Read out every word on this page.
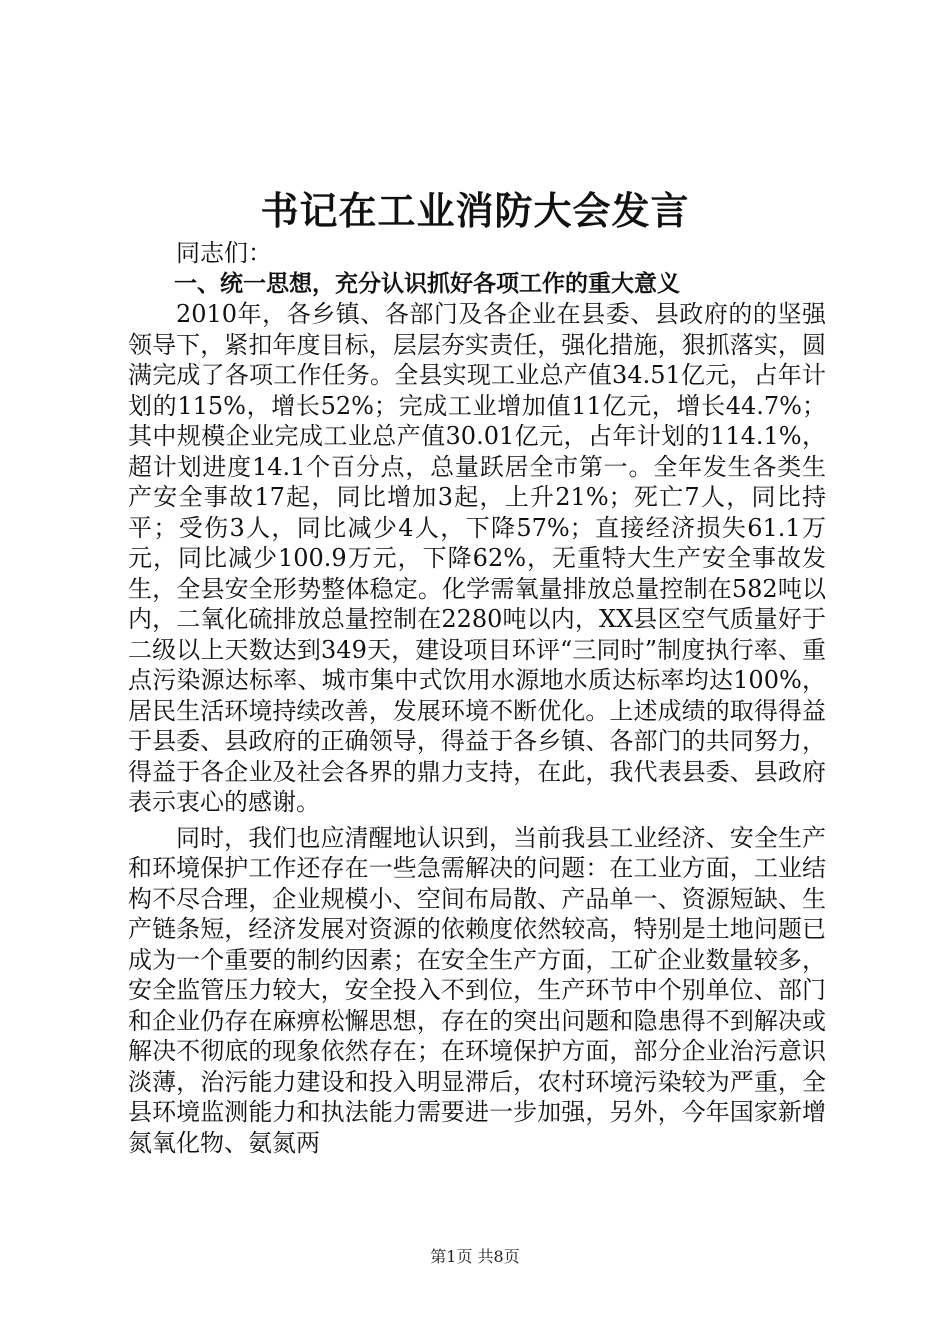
书记在工业消防大会发言

同志们：

一、统一思想，充分认识抓好各项工作的重大意义

2010年，各乡镇、各部门及各企业在县委、县政府的的坚强领导下，紧扣年度目标，层层夯实责任，强化措施，狠抓落实，圆满完成了各项工作任务。全县实现工业总产值34.51亿元，占年计划的115%，增长52%；完成工业增加值11亿元，增长44.7%；其中规模企业完成工业总产值30.01亿元，占年计划的114.1%，超计划进度14.1个百分点，总量跃居全市第一。全年发生各类生产安全事故17起，同比增加3起，上升21%；死亡7人，同比持平；受伤3人，同比减少4人，下降57%；直接经济损失61.1万元，同比减少100.9万元，下降62%，无重特大生产安全事故发生，全县安全形势整体稳定。化学需氧量排放总量控制在582吨以内，二氧化硫排放总量控制在2280吨以内，XX县区空气质量好于二级以上天数达到349天，建设项目环评“三同时”制度执行率、重点污染源达标率、城市集中式饮用水源地水质达标率均达100%，居民生活环境持续改善，发展环境不断优化。上述成绩的取得得益于县委、县政府的正确领导，得益于各乡镇、各部门的共同努力，得益于各企业及社会各界的鼎力支持，在此，我代表县委、县政府表示衷心的感谢。

同时，我们也应清醒地认识到，当前我县工业经济、安全生产和环境保护工作还存在一些急需解决的问题：在工业方面，工业结构不尽合理，企业规模小、空间布局散、产品单一、资源短缺、生产链条短，经济发展对资源的依赖度依然较高，特别是土地问题已成为一个重要的制约因素；在安全生产方面，工矿企业数量较多，安全监管压力较大，安全投入不到位，生产环节中个别单位、部门和企业仍存在麻痹松懈思想，存在的突出问题和隐患得不到解决或解决不彻底的现象依然存在；在环境保护方面，部分企业治污意识淡薄，治污能力建设和投入明显滞后，农村环境污染较为严重，全县环境监测能力和执法能力需要进一步加强，另外，今年国家新增氮氧化物、氨氮两

第1页 共8页
